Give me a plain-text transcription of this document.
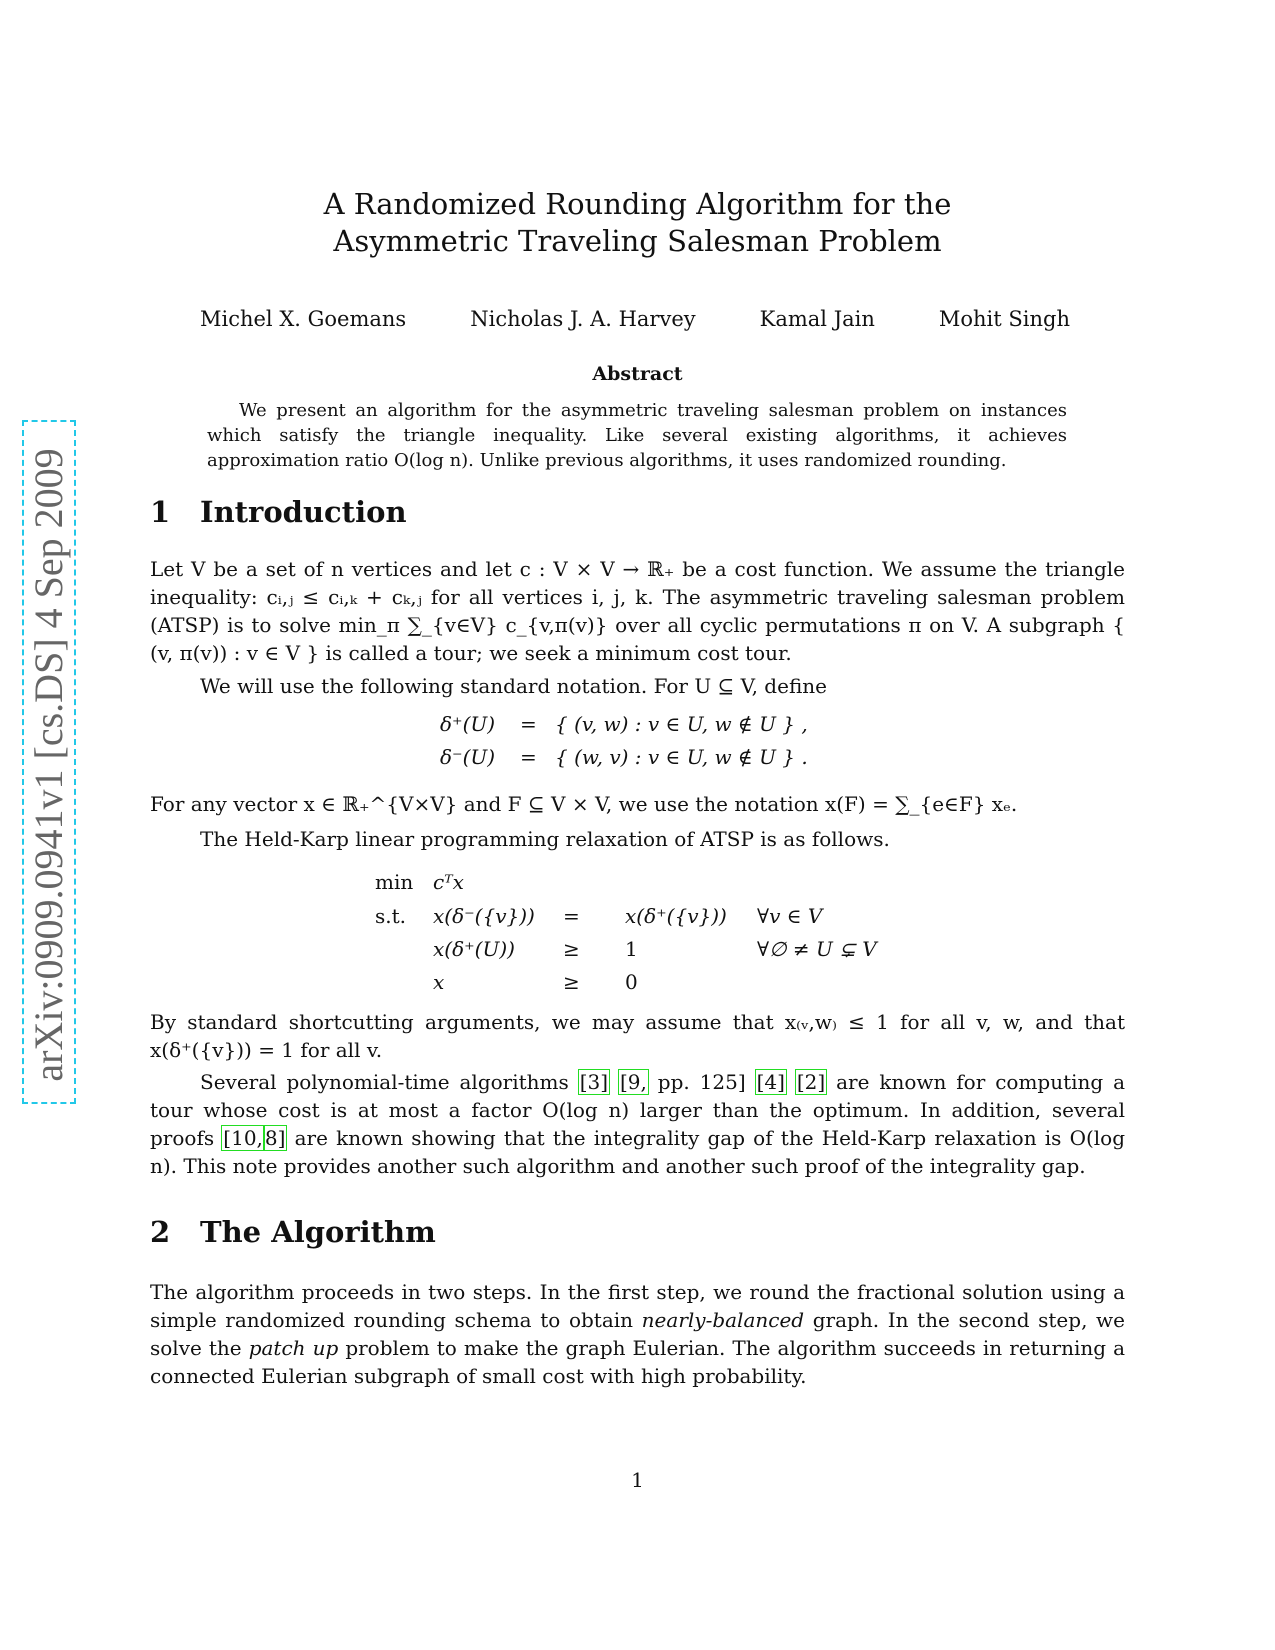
arXiv:0909.0941v1 [cs.DS] 4 Sep 2009
A Randomized Rounding Algorithm for the
Asymmetric Traveling Salesman Problem
Michel X. Goemans	Nicholas J. A. Harvey	Kamal Jain	Mohit Singh
Abstract
We present an algorithm for the asymmetric traveling salesman problem on instances which satisfy the triangle inequality. Like several existing algorithms, it achieves approximation ratio O(log n). Unlike previous algorithms, it uses randomized rounding.
1 Introduction
Let V be a set of n vertices and let c : V × V → ℝ₊ be a cost function. We assume the triangle inequality: cᵢ,ⱼ ≤ cᵢ,ₖ + cₖ,ⱼ for all vertices i, j, k. The asymmetric traveling salesman problem (ATSP) is to solve min_π ∑_{v∈V} c_{v,π(v)} over all cyclic permutations π on V. A subgraph { (v, π(v)) : v ∈ V } is called a tour; we seek a minimum cost tour.
We will use the following standard notation. For U ⊆ V, define
δ⁺(U) = { (v, w) : v ∈ U, w ∉ U } ,
δ⁻(U) = { (w, v) : v ∈ U, w ∉ U } .
For any vector x ∈ ℝ₊^{V×V} and F ⊆ V × V, we use the notation x(F) = ∑_{e∈F} xₑ.
The Held-Karp linear programming relaxation of ATSP is as follows.
min cᵀx
s.t. x(δ⁻({v})) = x(δ⁺({v})) ∀v ∈ V
x(δ⁺(U)) ≥ 1	∀∅ ≠ U ⊊ V
x	≥ 0
By standard shortcutting arguments, we may assume that x₍ᵥ,w₎ ≤ 1 for all v, w, and that x(δ⁺({v})) = 1 for all v.
Several polynomial-time algorithms [3] [9, pp. 125] [4] [2] are known for computing a tour whose cost is at most a factor O(log n) larger than the optimum. In addition, several proofs [10, 8] are known showing that the integrality gap of the Held-Karp relaxation is O(log n). This note provides another such algorithm and another such proof of the integrality gap.
2 The Algorithm
The algorithm proceeds in two steps. In the first step, we round the fractional solution using a simple randomized rounding schema to obtain nearly-balanced graph. In the second step, we solve the patch up problem to make the graph Eulerian. The algorithm succeeds in returning a connected Eulerian subgraph of small cost with high probability.
1
